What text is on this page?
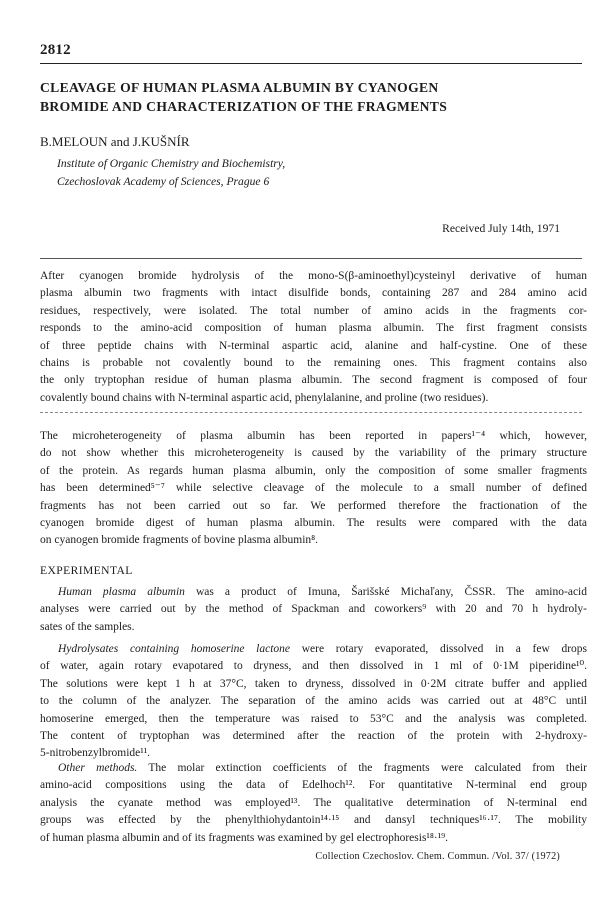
2812
CLEAVAGE OF HUMAN PLASMA ALBUMIN BY CYANOGEN
BROMIDE AND CHARACTERIZATION OF THE FRAGMENTS
B.MELOUN and J.KUŠNÍR
Institute of Organic Chemistry and Biochemistry,
Czechoslovak Academy of Sciences, Prague 6
Received July 14th, 1971
After cyanogen bromide hydrolysis of the mono-S(β-aminoethyl)cysteinyl derivative of human
plasma albumin two fragments with intact disulfide bonds, containing 287 and 284 amino acid
residues, respectively, were isolated. The total number of amino acids in the fragments cor-
responds to the amino-acid composition of human plasma albumin. The first fragment consists
of three peptide chains with N-terminal aspartic acid, alanine and half-cystine. One of these
chains is probable not covalently bound to the remaining ones. This fragment contains also
the only tryptophan residue of human plasma albumin. The second fragment is composed of four
covalently bound chains with N-terminal aspartic acid, phenylalanine, and proline (two residues).
The microheterogeneity of plasma albumin has been reported in papers¹⁻⁴ which, however,
do not show whether this microheterogeneity is caused by the variability of the primary structure
of the protein. As regards human plasma albumin, only the composition of some smaller fragments
has been determined⁵⁻⁷ while selective cleavage of the molecule to a small number of defined
fragments has not been carried out so far. We performed therefore the fractionation of the
cyanogen bromide digest of human plasma albumin. The results were compared with the data
on cyanogen bromide fragments of bovine plasma albumin⁸.
EXPERIMENTAL
Human plasma albumin was a product of Imuna, Šarišské Michaľany, ČSSR. The amino-acid
analyses were carried out by the method of Spackman and coworkers⁹ with 20 and 70 h hydroly-
sates of the samples.
Hydrolysates containing homoserine lactone were rotary evaporated, dissolved in a few drops
of water, again rotary evapotared to dryness, and then dissolved in 1 ml of 0·1M piperidine¹⁰.
The solutions were kept 1 h at 37°C, taken to dryness, dissolved in 0·2M citrate buffer and applied
to the column of the analyzer. The separation of the amino acids was carried out at 48°C until
homoserine emerged, then the temperature was raised to 53°C and the analysis was completed.
The content of tryptophan was determined after the reaction of the protein with 2-hydroxy-
5-nitrobenzylbromide¹¹.
Other methods. The molar extinction coefficients of the fragments were calculated from their
amino-acid compositions using the data of Edelhoch¹². For quantitative N-terminal end group
analysis the cyanate method was employed¹³. The qualitative determination of N-terminal end
groups was effected by the phenylthiohydantoin¹⁴·¹⁵ and dansyl techniques¹⁶·¹⁷. The mobility
of human plasma albumin and of its fragments was examined by gel electrophoresis¹⁸·¹⁹.
Collection Czechoslov. Chem. Commun. /Vol. 37/ (1972)
